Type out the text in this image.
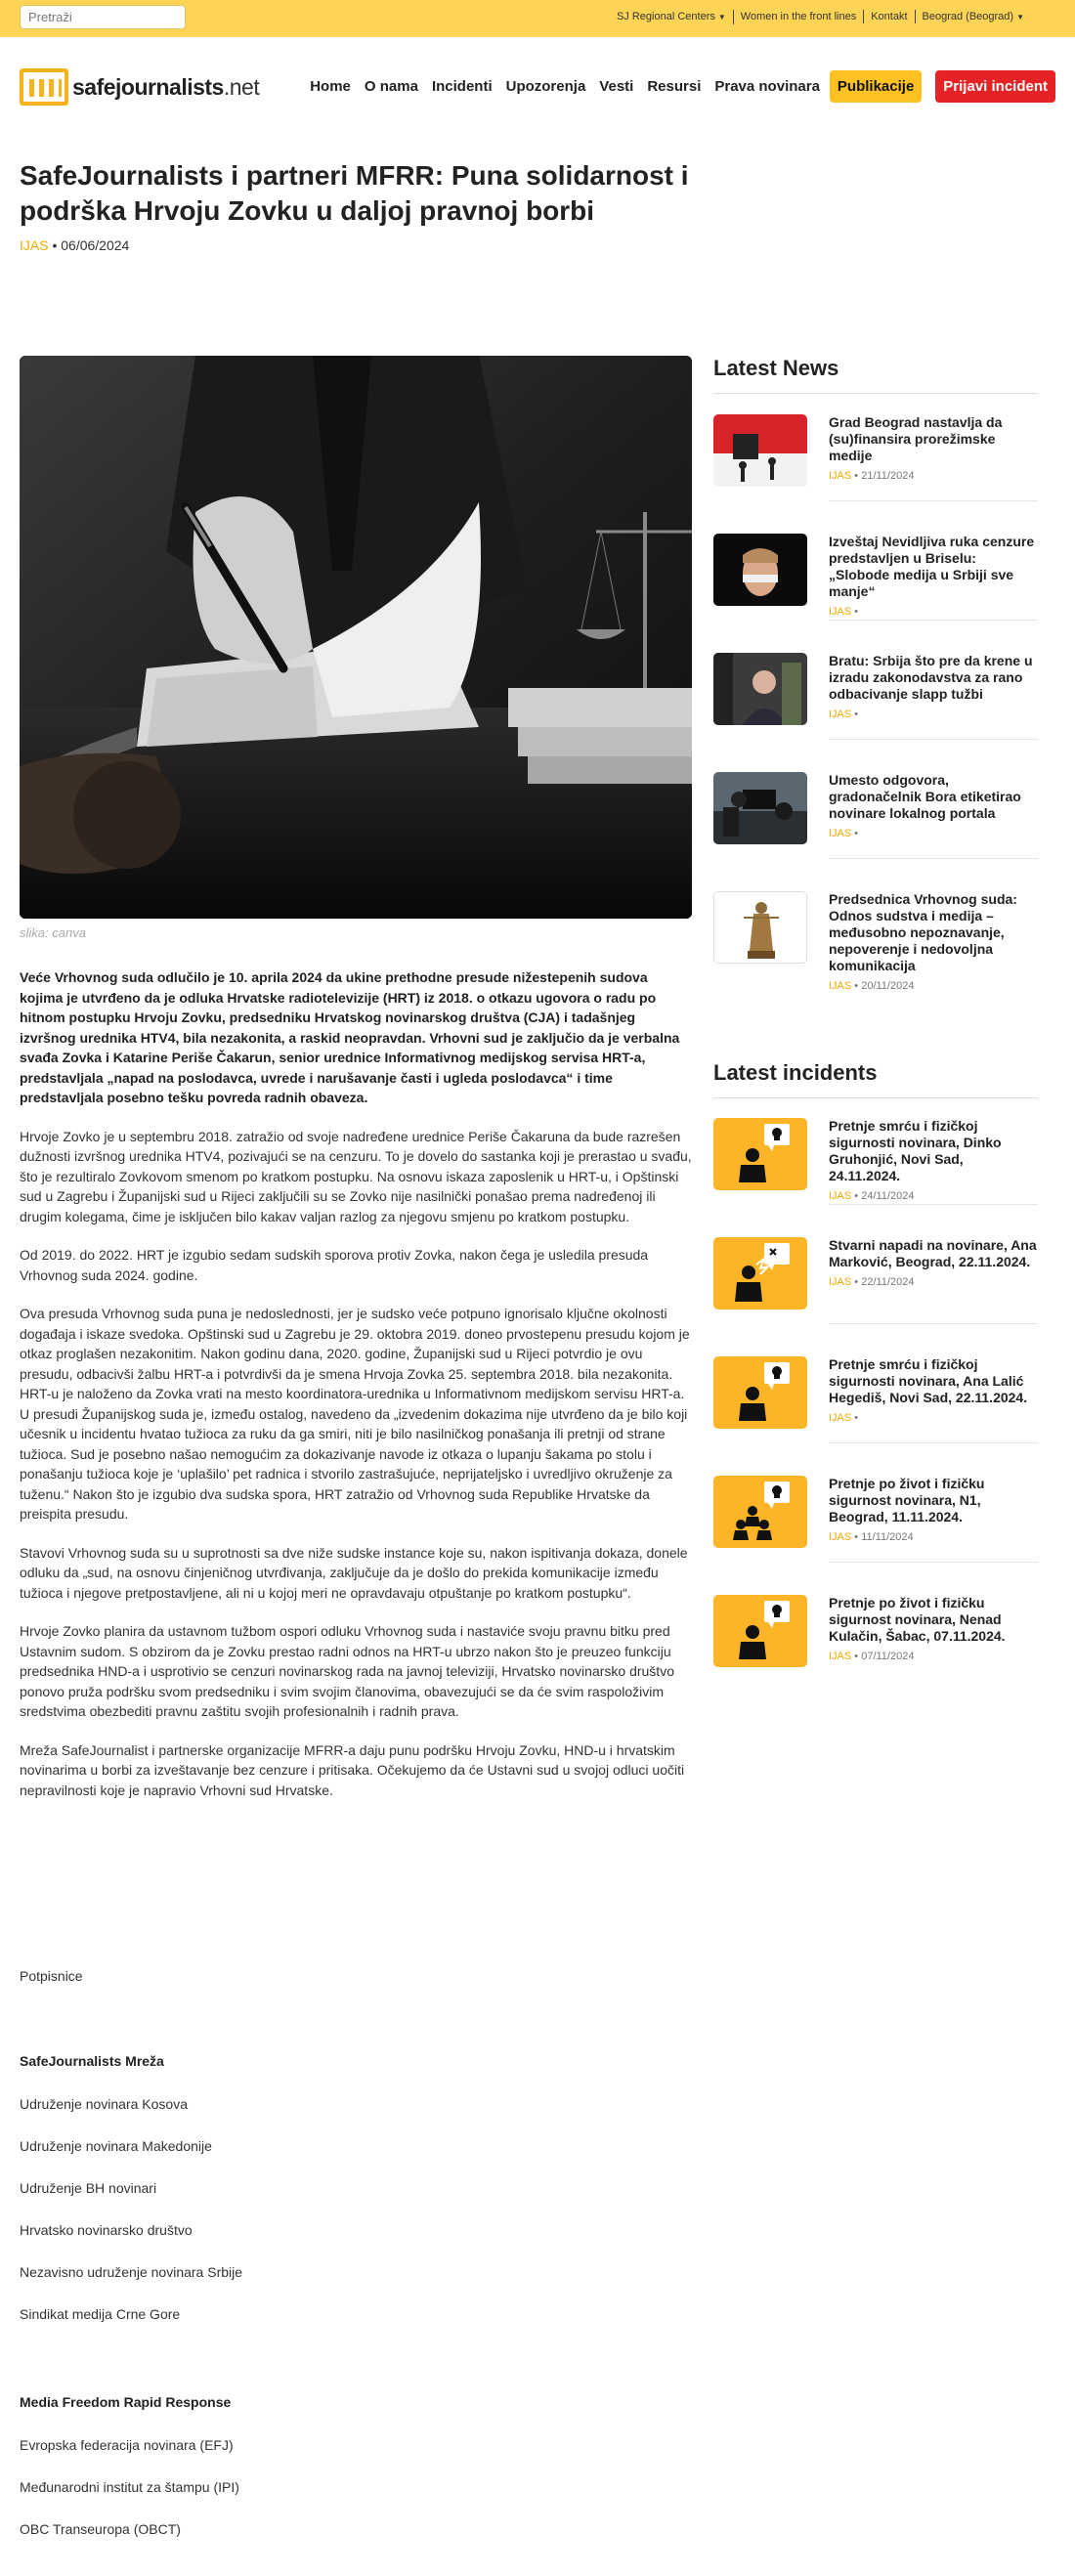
Pretraži
SJ Regional Centers ▼	Women in the front lines	Kontakt	Beograd (Beograd) ▼
safejournalists.net	Home O nama Incidenti Upozorenja Vesti Resursi Prava novinara	Publikacije	Prijavi incident
SafeJournalists i partneri MFRR: Puna solidarnost i podrška Hrvoju Zovku u daljoj pravnoj borbi
IJAS • 06/06/2024
slika: canva

Veće Vrhovnog suda odlučilo je 10. aprila 2024 da ukine prethodne presude nižestepenih sudova kojima je utvrđeno da je odluka Hrvatske radiotelevizije (HRT) iz 2018. o otkazu ugovora o radu po hitnom postupku Hrvoju Zovku, predsedniku Hrvatskog novinarskog društva (CJA) i tadašnjeg izvršnog urednika HTV4, bila nezakonita, a raskid neopravdan. Vrhovni sud je zaključio da je verbalna svađa Zovka i Katarine Periše Čakarun, senior urednice Informativnog medijskog servisa HRT-a, predstavljala „napad na poslodavca, uvrede i narušavanje časti i ugleda poslodavca“ i time predstavljala posebno tešku povreda radnih obaveza.

Hrvoje Zovko je u septembru 2018. zatražio od svoje nadređene urednice Periše Čakaruna da bude razrešen dužnosti izvršnog urednika HTV4, pozivajući se na cenzuru. To je dovelo do sastanka koji je prerastao u svađu, što je rezultiralo Zovkovom smenom po kratkom postupku. Na osnovu iskaza zaposlenik u HRT-u, i Opštinski sud u Zagrebu i Županijski sud u Rijeci zaključili su se Zovko nije nasilnički ponašao prema nadređenoj ili drugim kolegama, čime je isključen bilo kakav valjan razlog za njegovu smjenu po kratkom postupku.

Od 2019. do 2022. HRT je izgubio sedam sudskih sporova protiv Zovka, nakon čega je usledila presuda Vrhovnog suda 2024. godine.

Ova presuda Vrhovnog suda puna je nedoslednosti, jer je sudsko veće potpuno ignorisalo ključne okolnosti događaja i iskaze svedoka. Opštinski sud u Zagrebu je 29. oktobra 2019. doneo prvostepenu presudu kojom je otkaz proglašen nezakonitim. Nakon godinu dana, 2020. godine, Županijski sud u Rijeci potvrdio je ovu presudu, odbacivši žalbu HRT-a i potvrdivši da je smena Hrvoja Zovka 25. septembra 2018. bila nezakonita. HRT-u je naloženo da Zovka vrati na mesto koordinatora-urednika u Informativnom medijskom servisu HRT-a. U presudi Županijskog suda je, između ostalog, navedeno da „izvedenim dokazima nije utvrđeno da je bilo koji učesnik u incidentu hvatao tužioca za ruku da ga smiri, niti je bilo nasilničkog ponašanja ili pretnji od strane tužioca. Sud je posebno našao nemogućim za dokazivanje navode iz otkaza o lupanju šakama po stolu i ponašanju tužioca koje je ‘uplašilo’ pet radnica i stvorilo zastrašujuće, neprijateljsko i uvredljivo okruženje za tuženu.“ Nakon što je izgubio dva sudska spora, HRT zatražio od Vrhovnog suda Republike Hrvatske da preispita presudu.

Stavovi Vrhovnog suda su u suprotnosti sa dve niže sudske instance koje su, nakon ispitivanja dokaza, donele odluku da „sud, na osnovu činjeničnog utvrđivanja, zaključuje da je došlo do prekida komunikacije između tužioca i njegove pretpostavljene, ali ni u kojoj meri ne opravdavaju otpuštanje po kratkom postupku“.

Hrvoje Zovko planira da ustavnom tužbom ospori odluku Vrhovnog suda i nastaviće svoju pravnu bitku pred Ustavnim sudom. S obzirom da je Zovku prestao radni odnos na HRT-u ubrzo nakon što je preuzeo funkciju predsednika HND-a i usprotivio se cenzuri novinarskog rada na javnoj televiziji, Hrvatsko novinarsko društvo ponovo pruža podršku svom predsedniku i svim svojim članovima, obavezujući se da će svim raspoloživim sredstvima obezbediti pravnu zaštitu svojih profesionalnih i radnih prava.

Mreža SafeJournalist i partnerske organizacije MFRR-a daju punu podršku Hrvoju Zovku, HND-u i hrvatskim novinarima u borbi za izveštavanje bez cenzure i pritisaka. Očekujemo da će Ustavni sud u svojoj odluci uočiti nepravilnosti koje je napravio Vrhovni sud Hrvatske.

Potpisnice
SafeJournalists Mreža
Udruženje novinara Kosova
Udruženje novinara Makedonije
Udruženje BH novinari
Hrvatsko novinarsko društvo
Nezavisno udruženje novinara Srbije
Sindikat medija Crne Gore
Media Freedom Rapid Response
Evropska federacija novinara (EFJ)
Međunarodni institut za štampu (IPI)
OBC Transeuropa (OBCT)
Latest News
Grad Beograd nastavlja da (su)finansira prorežimske medije
IJAS • 21/11/2024
Izveštaj Nevidljiva ruka cenzure predstavljen u Briselu: „Slobode medija u Srbiji sve manje“
IJAS •
Bratu: Srbija što pre da krene u izradu zakonodavstva za rano odbacivanje slapp tužbi
IJAS •
Umesto odgovora, gradonačelnik Bora etiketirao novinare lokalnog portala
IJAS •
Predsednica Vrhovnog suda: Odnos sudstva i medija – međusobno nepoznavanje, nepoverenje i nedovoljna komunikacija
IJAS • 20/11/2024
Latest incidents
Pretnje smrću i fizičkoj sigurnosti novinara, Dinko Gruhonjić, Novi Sad, 24.11.2024.
IJAS • 24/11/2024
Stvarni napadi na novinare, Ana Marković, Beograd, 22.11.2024.
IJAS • 22/11/2024
Pretnje smrću i fizičkoj sigurnosti novinara, Ana Lalić Hegediš, Novi Sad, 22.11.2024.
IJAS •
Pretnje po život i fizičku sigurnost novinara, N1, Beograd, 11.11.2024.
IJAS • 11/11/2024
Pretnje po život i fizičku sigurnost novinara, Nenad Kulačin, Šabac, 07.11.2024.
IJAS • 07/11/2024
